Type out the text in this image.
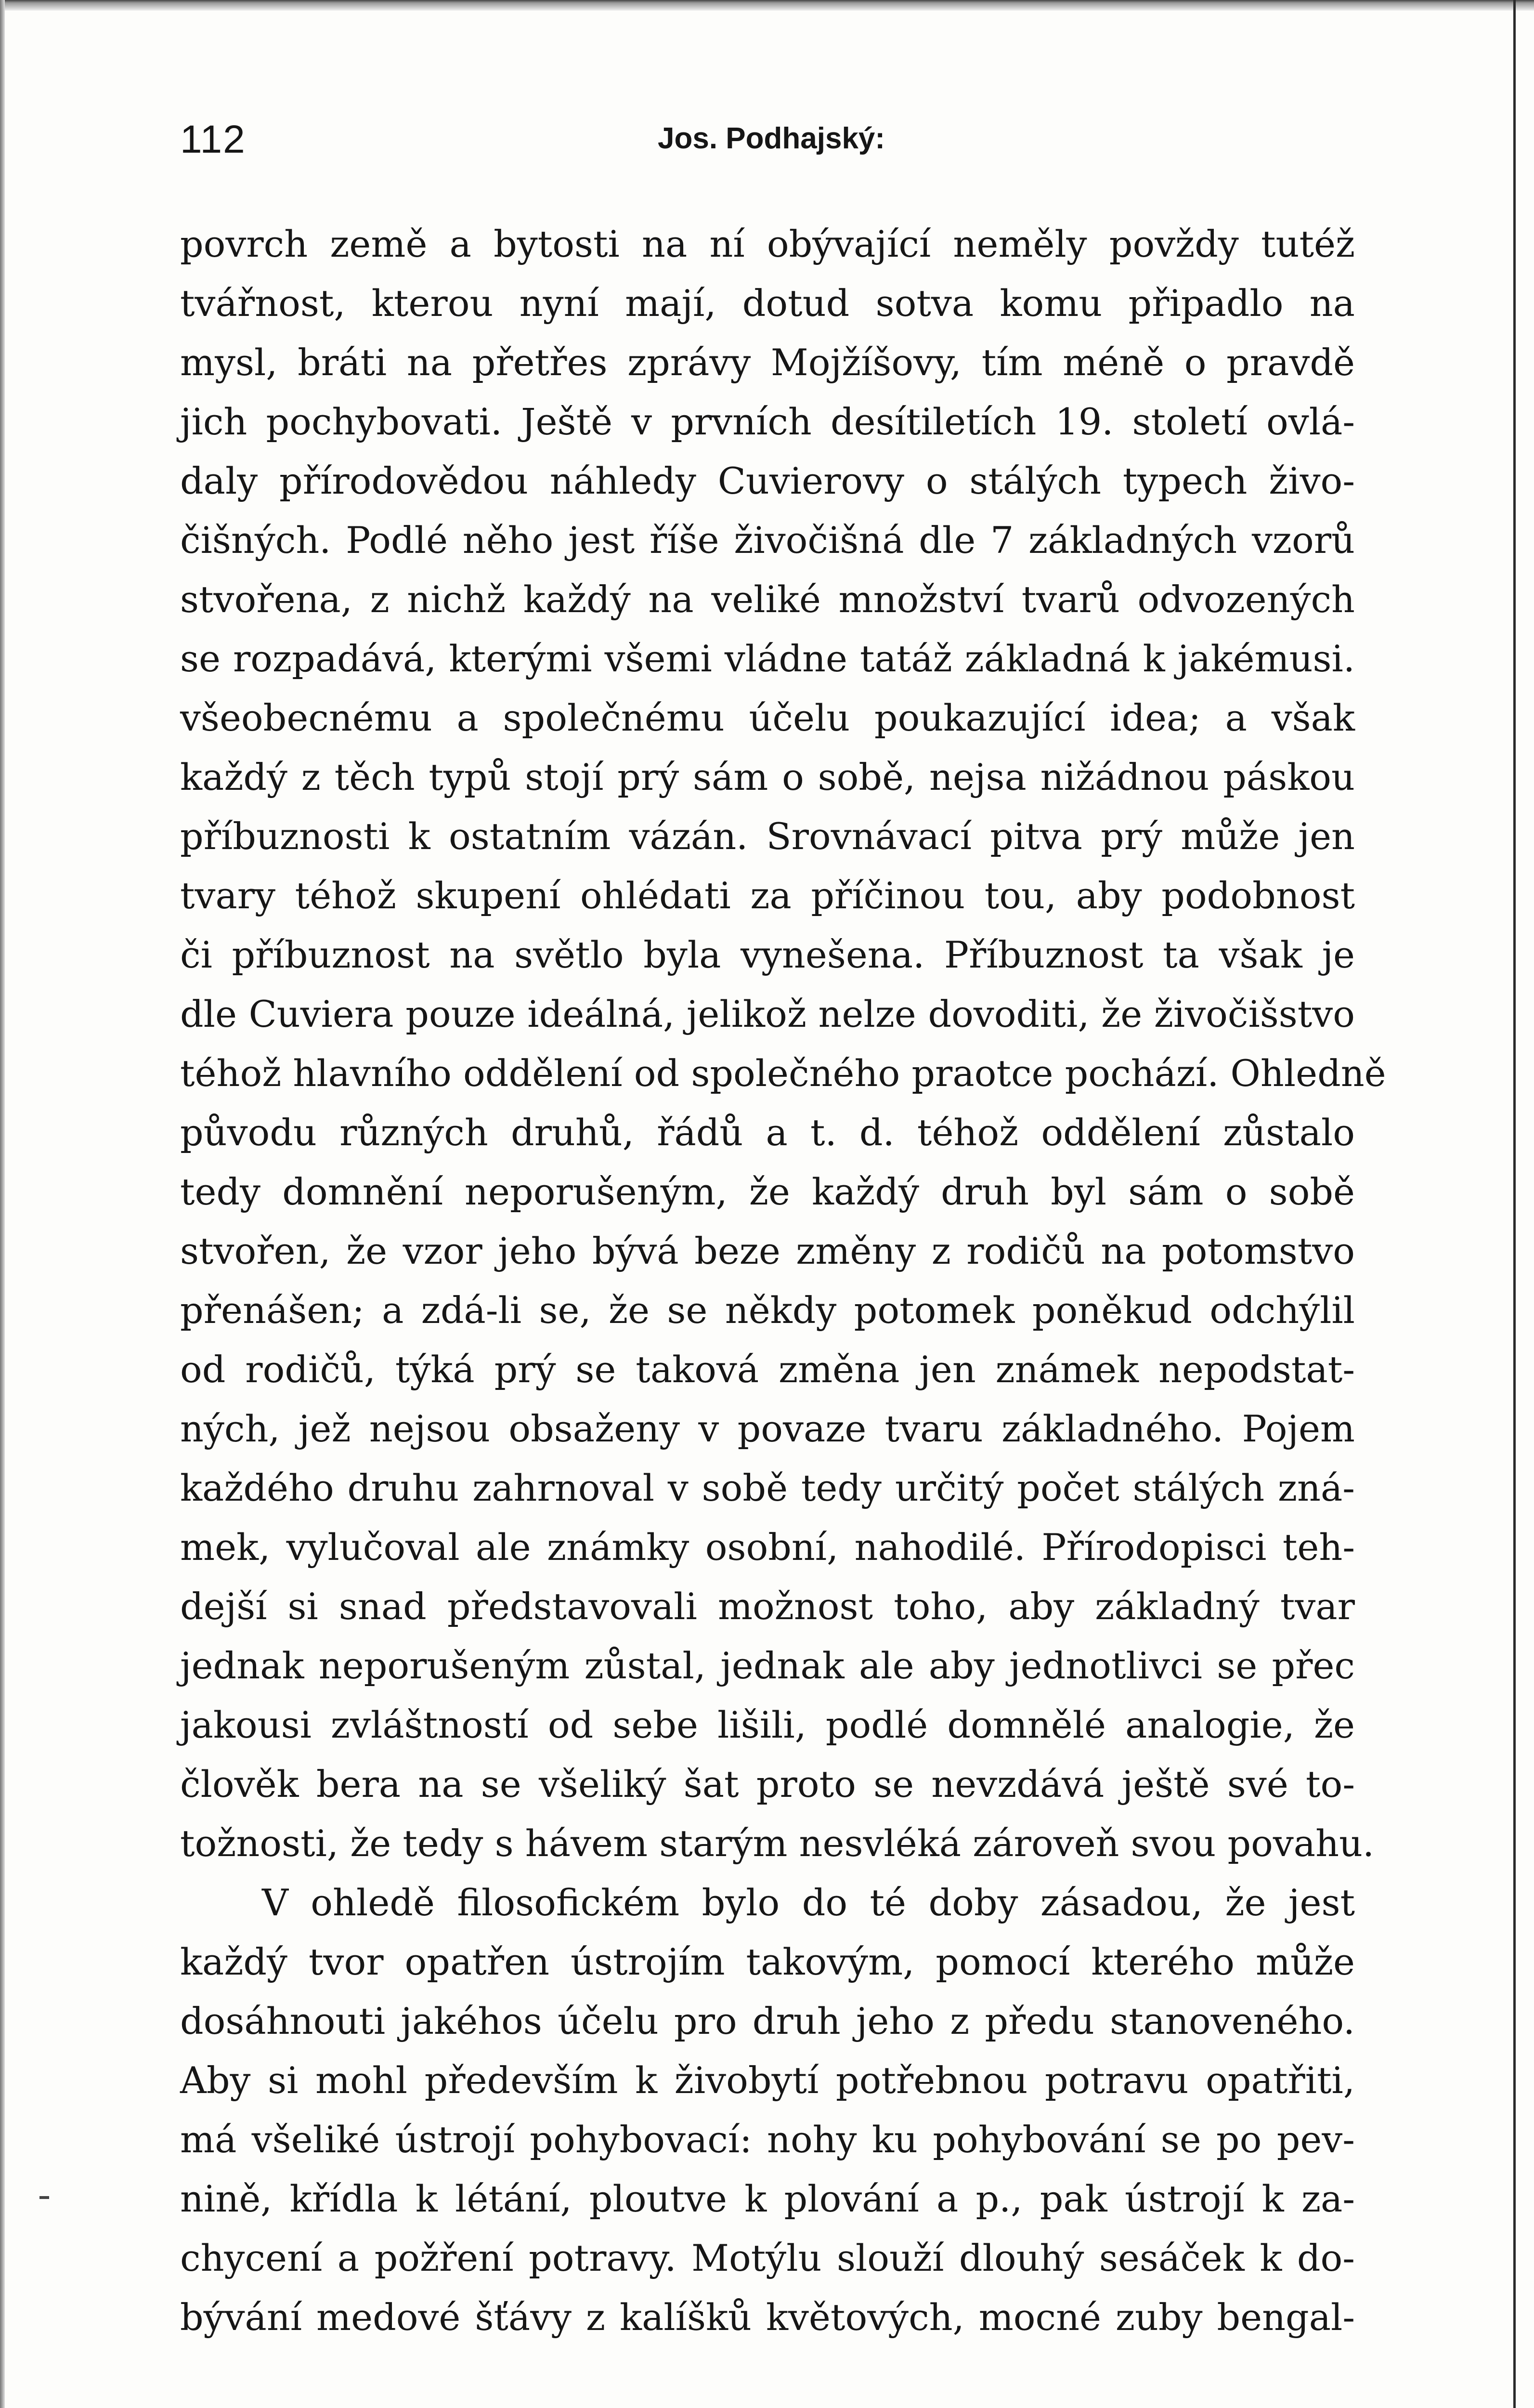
112	Jos. Podhajský:
povrch země a bytosti na ní obývající neměly povždy tutéž
tvářnost, kterou nyní mají, dotud sotva komu připadlo na
mysl, bráti na přetřes zprávy Mojžíšovy, tím méně o pravdě
jich pochybovati. Ještě v prvních desítiletích 19. století ovlá-
daly přírodovědou náhledy Cuvierovy o stálých typech živo-
čišných. Podlé něho jest říše živočišná dle 7 základných vzorů
stvořena, z nichž každý na veliké množství tvarů odvozených
se rozpadává, kterými všemi vládne tatáž základná k jakémusi.
všeobecnému a společnému účelu poukazující idea; a však
každý z těch typů stojí prý sám o sobě, nejsa nižádnou páskou
příbuznosti k ostatním vázán. Srovnávací pitva prý může jen
tvary téhož skupení ohlédati za příčinou tou, aby podobnost
či příbuznost na světlo byla vynešena. Příbuznost ta však je
dle Cuviera pouze ideálná, jelikož nelze dovoditi, že živočišstvo
téhož hlavního oddělení od společného praotce pochází. Ohledně
původu různých druhů, řádů a t. d. téhož oddělení zůstalo
tedy domnění neporušeným, že každý druh byl sám o sobě
stvořen, že vzor jeho bývá beze změny z rodičů na potomstvo
přenášen; a zdá-li se, že se někdy potomek poněkud odchýlil
od rodičů, týká prý se taková změna jen známek nepodstat-
ných, jež nejsou obsaženy v povaze tvaru základného. Pojem
každého druhu zahrnoval v sobě tedy určitý počet stálých zná-
mek, vylučoval ale známky osobní, nahodilé. Přírodopisci teh-
dejší si snad představovali možnost toho, aby základný tvar
jednak neporušeným zůstal, jednak ale aby jednotlivci se přec
jakousi zvláštností od sebe lišili, podlé domnělé analogie, že
člověk bera na se všeliký šat proto se nevzdává ještě své to-
tožnosti, že tedy s hávem starým nesvléká zároveň svou povahu.
V ohledě filosofickém bylo do té doby zásadou, že jest
každý tvor opatřen ústrojím takovým, pomocí kterého může
dosáhnouti jakéhos účelu pro druh jeho z předu stanoveného.
Aby si mohl především k živobytí potřebnou potravu opatřiti,
má všeliké ústrojí pohybovací: nohy ku pohybování se po pev-
nině, křídla k létání, ploutve k plování a p., pak ústrojí k za-
chycení a požření potravy. Motýlu slouží dlouhý sesáček k do-
bývání medové šťávy z kalíšků květových, mocné zuby bengal-
